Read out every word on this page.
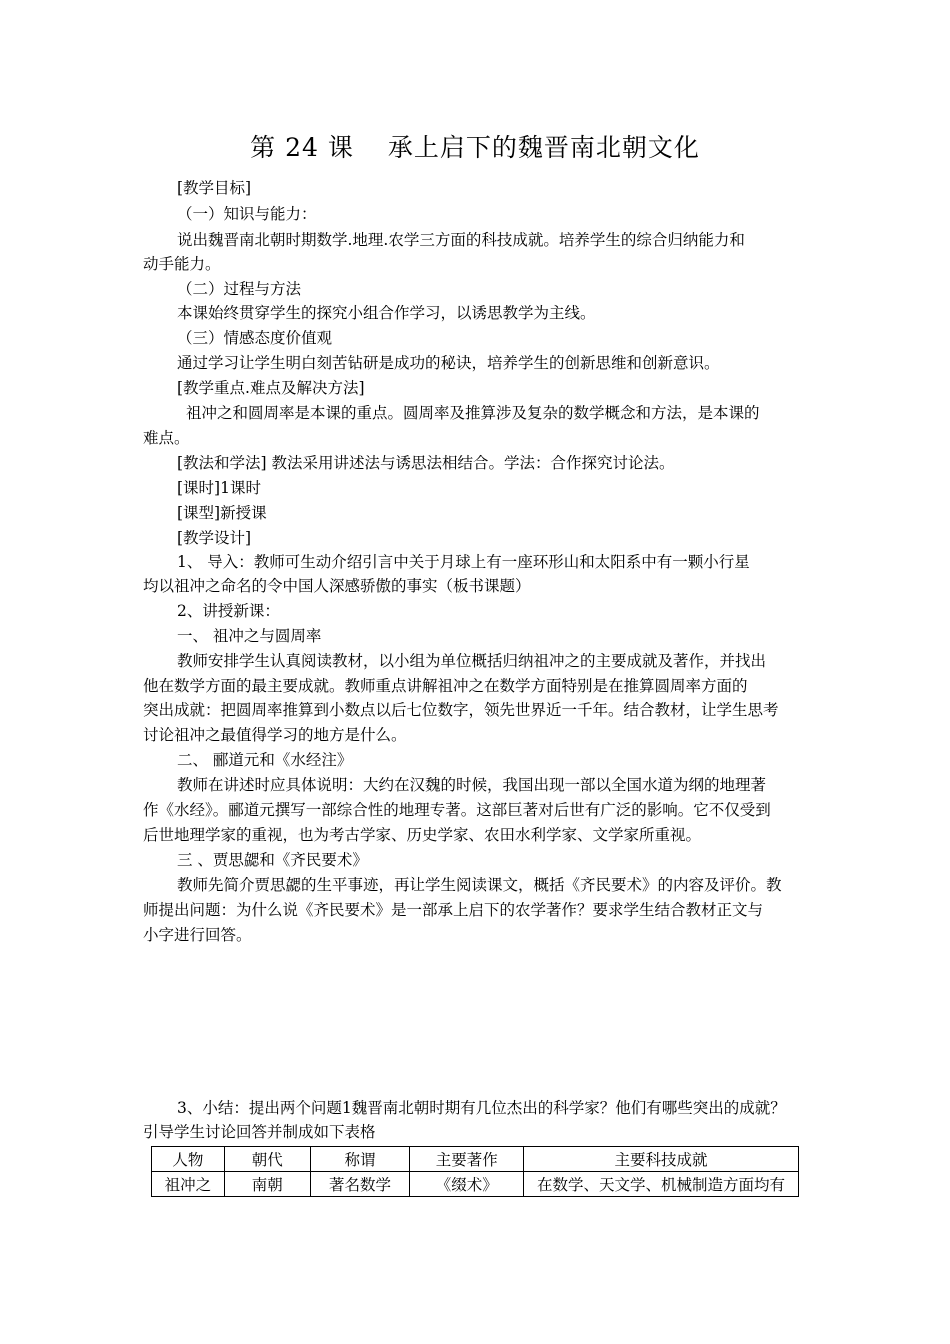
第 24 课 承上启下的魏晋南北朝文化
[教学目标]
（一）知识与能力：
说出魏晋南北朝时期数学.地理.农学三方面的科技成就。培养学生的综合归纳能力和
动手能力。
（二）过程与方法
本课始终贯穿学生的探究小组合作学习，以诱思教学为主线。
（三）情感态度价值观
通过学习让学生明白刻苦钻研是成功的秘诀，培养学生的创新思维和创新意识。
[教学重点.难点及解决方法]
祖冲之和圆周率是本课的重点。圆周率及推算涉及复杂的数学概念和方法，是本课的
难点。
[教法和学法] 教法采用讲述法与诱思法相结合。学法：合作探究讨论法。
[课时]1课时
[课型]新授课
[教学设计]
1、 导入：教师可生动介绍引言中关于月球上有一座环形山和太阳系中有一颗小行星
均以祖冲之命名的令中国人深感骄傲的事实（板书课题）
2、讲授新课：
一、 祖冲之与圆周率
教师安排学生认真阅读教材，以小组为单位概括归纳祖冲之的主要成就及著作，并找出
他在数学方面的最主要成就。教师重点讲解祖冲之在数学方面特别是在推算圆周率方面的
突出成就：把圆周率推算到小数点以后七位数字，领先世界近一千年。结合教材，让学生思考
讨论祖冲之最值得学习的地方是什么。
二、 郦道元和《水经注》
教师在讲述时应具体说明：大约在汉魏的时候，我国出现一部以全国水道为纲的地理著
作《水经》。郦道元撰写一部综合性的地理专著。这部巨著对后世有广泛的影响。它不仅受到
后世地理学家的重视，也为考古学家、历史学家、农田水利学家、文学家所重视。
三 、贾思勰和《齐民要术》
教师先简介贾思勰的生平事迹，再让学生阅读课文，概括《齐民要术》的内容及评价。教
师提出问题：为什么说《齐民要术》是一部承上启下的农学著作？要求学生结合教材正文与
小字进行回答。
3、小结：提出两个问题1魏晋南北朝时期有几位杰出的科学家？他们有哪些突出的成就？
引导学生讨论回答并制成如下表格
人物	朝代	称谓	主要著作	主要科技成就
祖冲之	南朝	著名数学	《缀术》	在数学、天文学、机械制造方面均有
